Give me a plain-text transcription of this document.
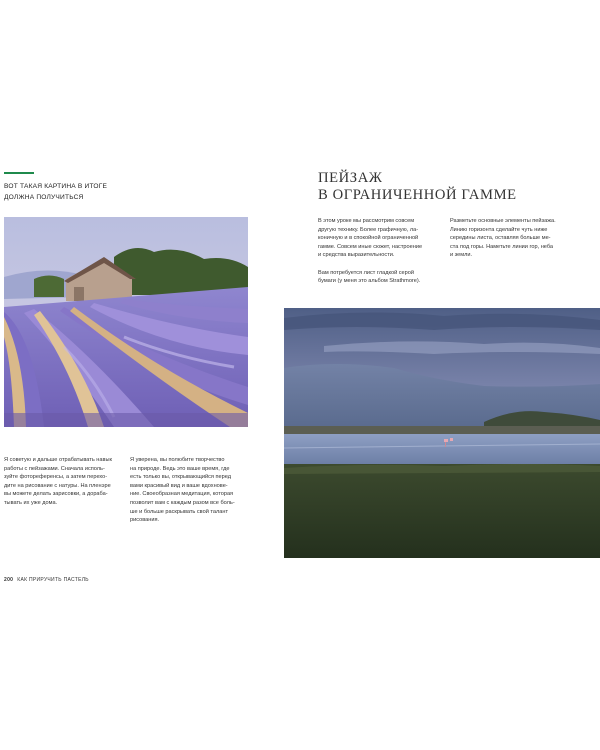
ВОТ ТАКАЯ КАРТИНА В ИТОГЕ
ДОЛЖНА ПОЛУЧИТЬСЯ
Я советую и дальше отрабатывать навык
работы с пейзажами. Сначала исполь-
зуйте фотореференсы, а затем перехо-
дите на рисование с натуры. На пленэре
вы можете делать зарисовки, а дораба-
тывать их уже дома.
Я уверена, вы полюбите творчество
на природе. Ведь это ваше время, где
есть только вы, открывающийся перед
вами красивый вид и ваше вдохнове-
ние. Своеобразная медитация, которая
позволит вам с каждым разом все боль-
ше и больше раскрывать свой талант
рисования.
200 КАК ПРИРУЧИТЬ ПАСТЕЛЬ
ПЕЙЗАЖ
В ОГРАНИЧЕННОЙ ГАММЕ
В этом уроке мы рассмотрим совсем
другую технику. Более графичную, ла-
коничную и в спокойной ограниченной
гамме. Совсем иные сюжет, настроение
и средства выразительности.
Вам потребуется лист гладкой серой
бумаги (у меня это альбом Strathmore).
Разметьте основные элементы пейзажа.
Линию горизонта сделайте чуть ниже
середины листа, оставляя больше ме-
ста под горы. Наметьте линии гор, неба
и земли.
